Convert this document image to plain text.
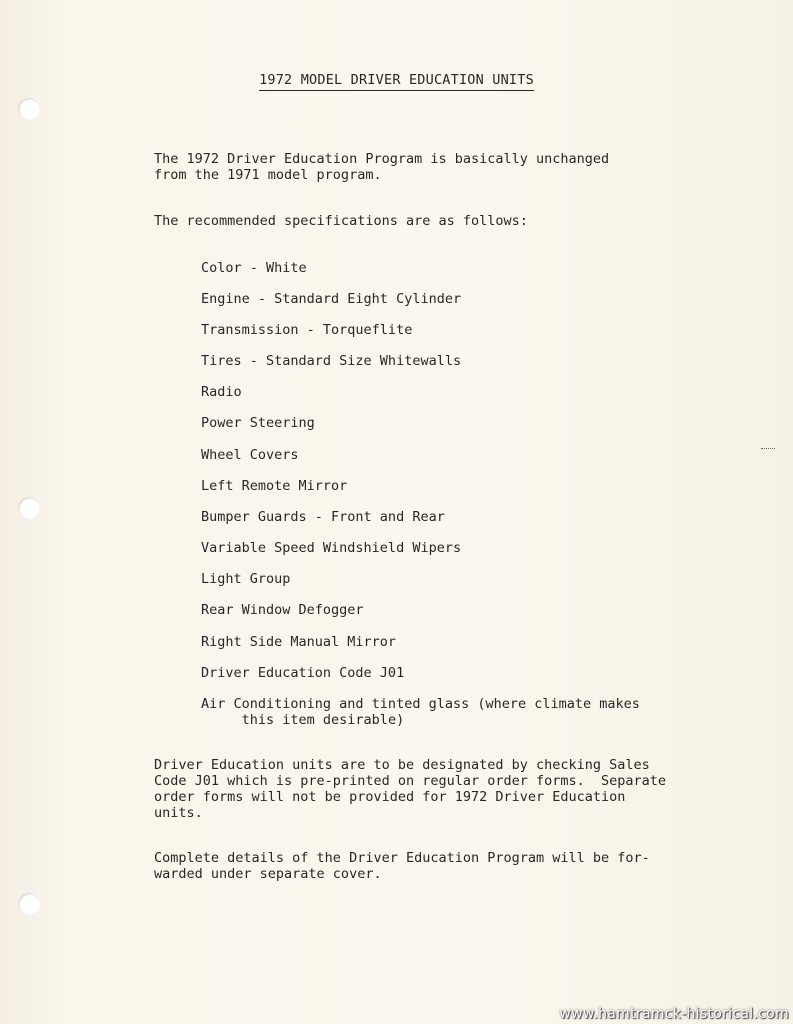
1972 MODEL DRIVER EDUCATION UNITS
The 1972 Driver Education Program is basically unchanged
from the 1971 model program.
The recommended specifications are as follows:
Color - White
Engine - Standard Eight Cylinder
Transmission - Torqueflite
Tires - Standard Size Whitewalls
Radio
Power Steering
Wheel Covers
Left Remote Mirror
Bumper Guards - Front and Rear
Variable Speed Windshield Wipers
Light Group
Rear Window Defogger
Right Side Manual Mirror
Driver Education Code J01
Air Conditioning and tinted glass (where climate makes
this item desirable)
Driver Education units are to be designated by checking Sales
Code J01 which is pre-printed on regular order forms.  Separate
order forms will not be provided for 1972 Driver Education
units.
Complete details of the Driver Education Program will be for-
warded under separate cover.
www.hamtramck-historical.com
